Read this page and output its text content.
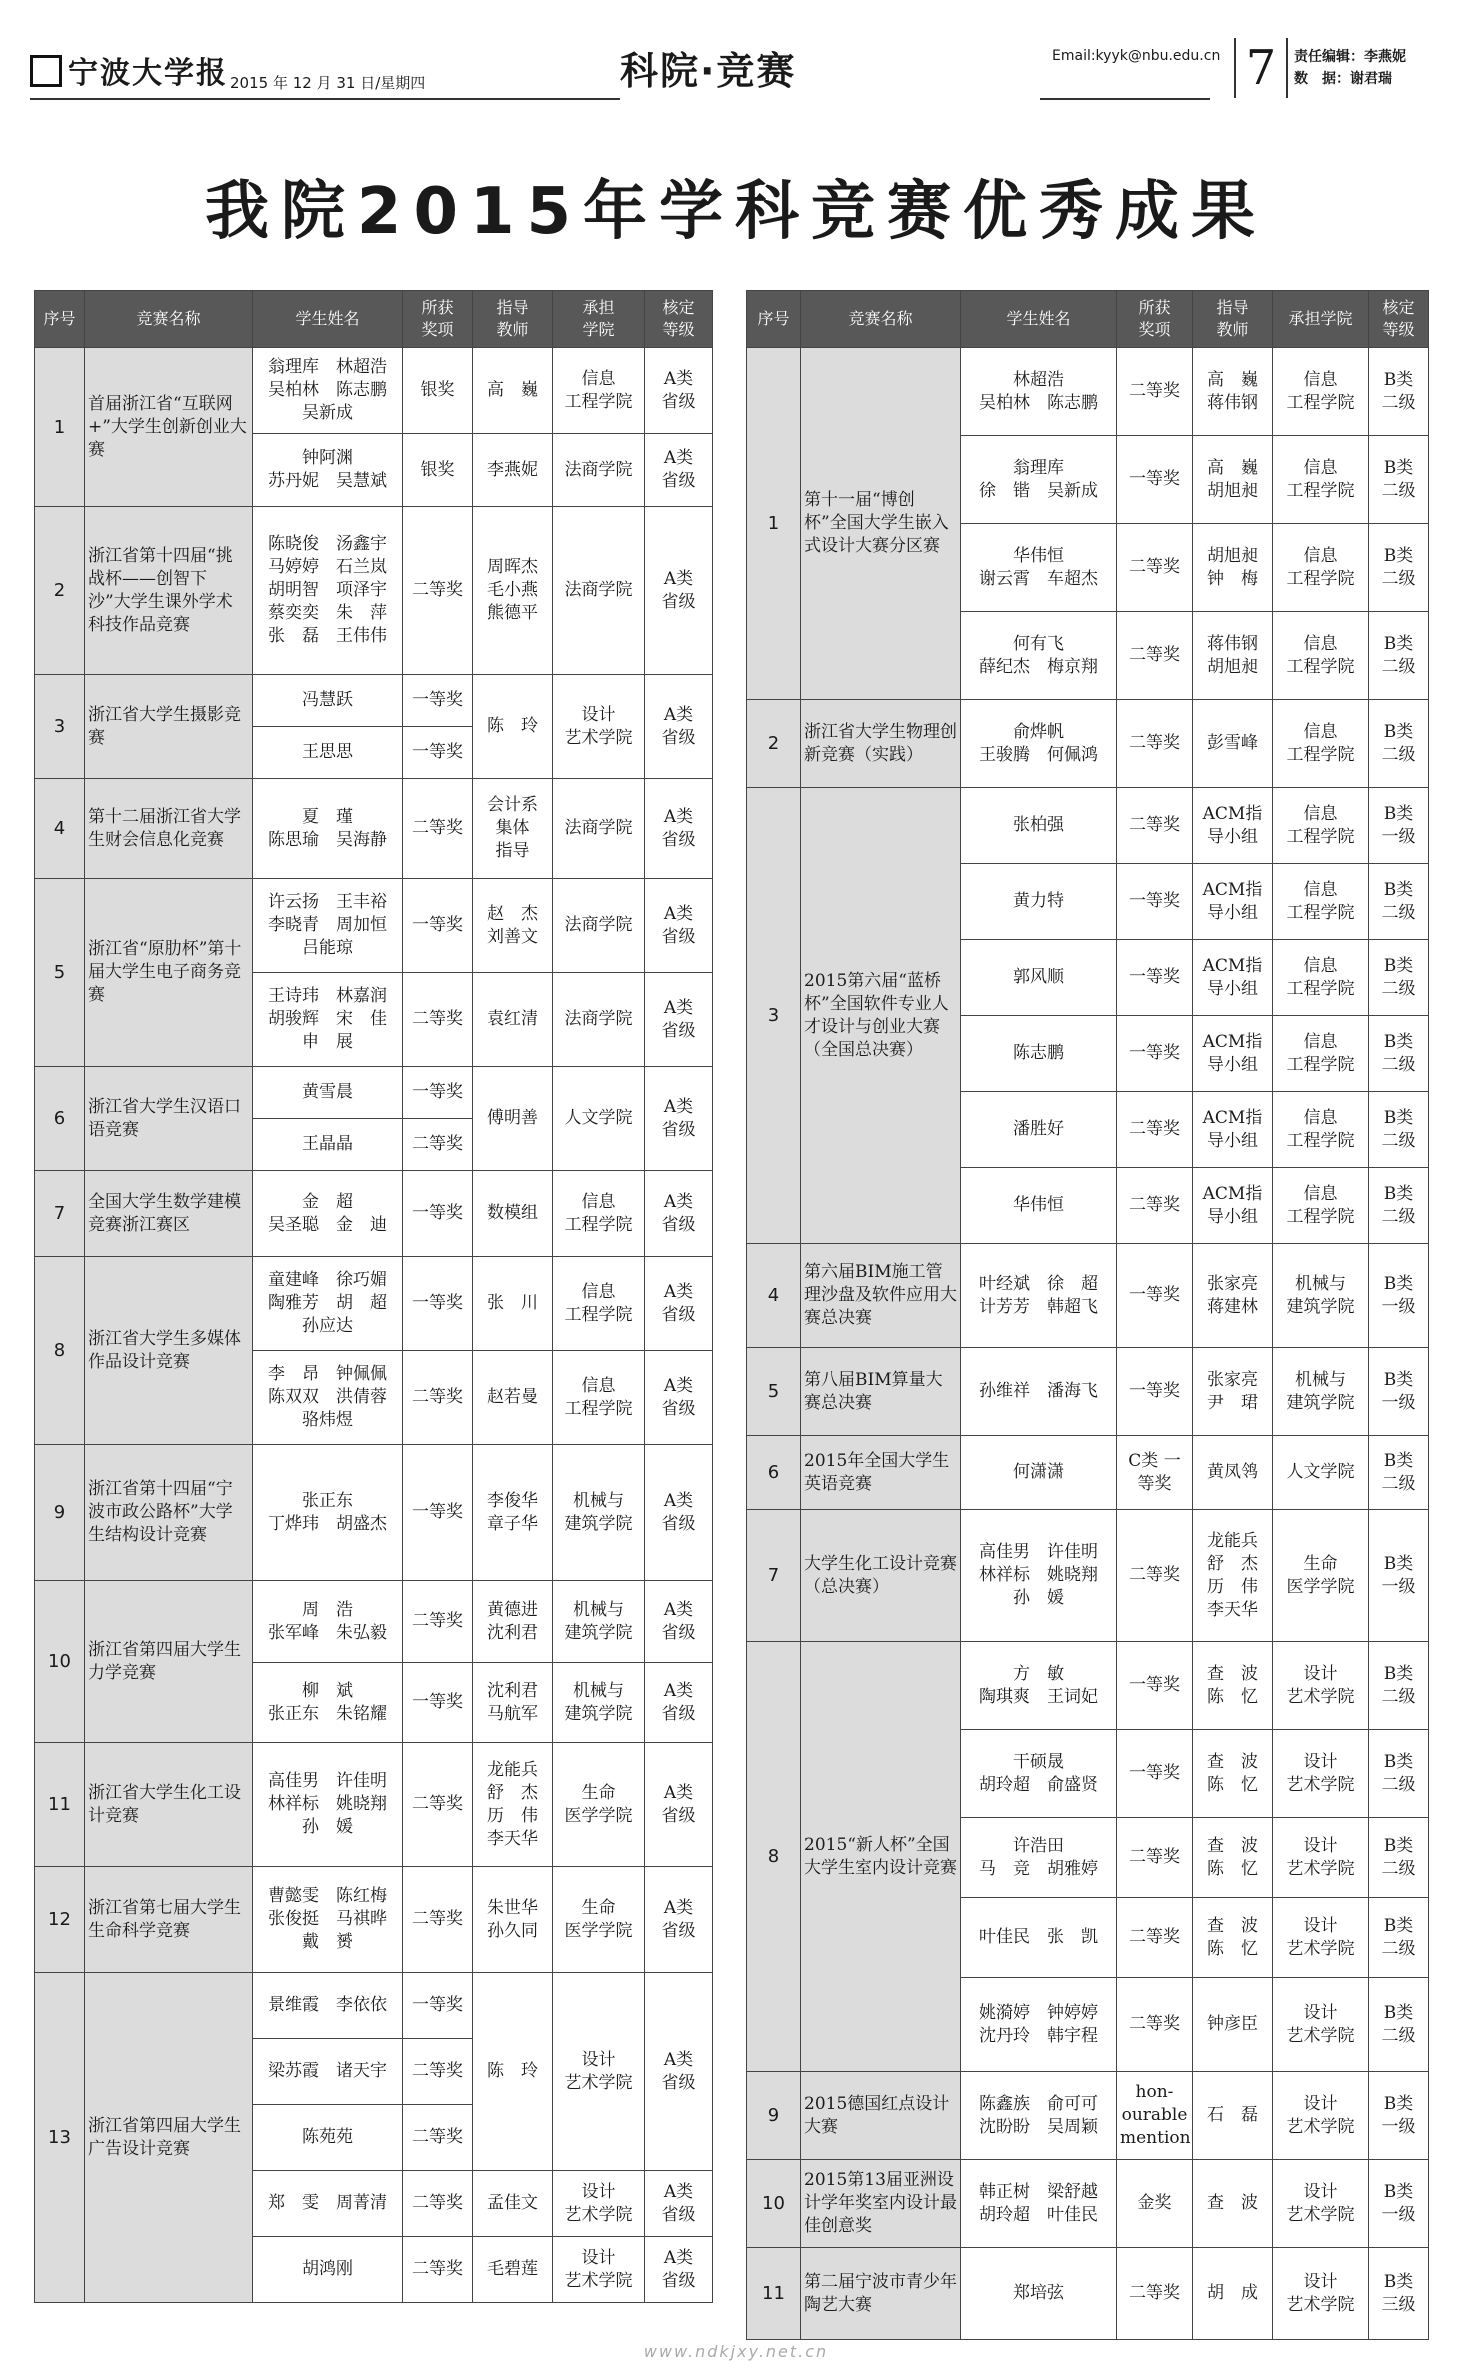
宁波大学报 2015 年 12 月 31 日/星期四	科院·竞赛	Email:kyyk@nbu.edu.cn 7	责任编辑：李燕妮
数　据：谢君瑞
我院2015年学科竞赛优秀成果
序号	竞赛名称	学生姓名	所获
奖项	指导
教师	承担
学院	核定
等级
1	首届浙江省“互联网+”大学生创新创业大赛	翁理库　林超浩
吴柏林　陈志鹏
吴新成	银奖	高　巍	信息
工程学院	A类
省级
		钟阿渊
苏丹妮　吴慧斌	银奖	李燕妮	法商学院	A类
省级
2	浙江省第十四届“挑战杯——创智下沙”大学生课外学术科技作品竞赛	陈晓俊　汤鑫宇
马婷婷　石兰岚
胡明智　项泽宇
蔡奕奕　朱　萍
张　磊　王伟伟	二等奖	周晖杰
毛小燕
熊德平	法商学院	A类
省级
3	浙江省大学生摄影竞赛	冯慧跃	一等奖	陈　玲	设计
艺术学院	A类
省级
		王思思	一等奖			
4	第十二届浙江省大学生财会信息化竞赛	夏　瑾
陈思瑜　吴海静	二等奖	会计系
集体
指导	法商学院	A类
省级
5	浙江省“原肋杯”第十届大学生电子商务竞赛	许云扬　王丰裕
李晓青　周加恒
吕能琼	一等奖	赵　杰
刘善文	法商学院	A类
省级
		王诗玮　林嘉润
胡骏辉　宋　佳
申　展	二等奖	袁红清	法商学院	A类
省级
6	浙江省大学生汉语口语竞赛	黄雪晨	一等奖	傅明善	人文学院	A类
省级
		王晶晶	二等奖			
7	全国大学生数学建模竞赛浙江赛区	金　超
吴圣聪　金　迪	一等奖	数模组	信息
工程学院	A类
省级
8	浙江省大学生多媒体作品设计竞赛	童建峰　徐巧媚
陶雅芳　胡　超
孙应达	一等奖	张　川	信息
工程学院	A类
省级
		李　昂　钟佩佩
陈双双　洪倩蓉
骆炜煜	二等奖	赵若曼	信息
工程学院	A类
省级
9	浙江省第十四届“宁波市政公路杯”大学生结构设计竞赛	张正东
丁烨玮　胡盛杰	一等奖	李俊华
章子华	机械与
建筑学院	A类
省级
10	浙江省第四届大学生力学竞赛	周　浩
张军峰　朱弘毅	二等奖	黄德进
沈利君	机械与
建筑学院	A类
省级
		柳　斌
张正东　朱铭耀	一等奖	沈利君
马航军	机械与
建筑学院	A类
省级
11	浙江省大学生化工设计竞赛	高佳男　许佳明
林祥标　姚晓翔
孙　媛	二等奖	龙能兵
舒　杰
历　伟
李天华	生命
医学学院	A类
省级
12	浙江省第七届大学生生命科学竞赛	曹懿雯　陈红梅
张俊挺　马祺晔
戴　赟	二等奖	朱世华
孙久同	生命
医学学院	A类
省级
13	浙江省第四届大学生广告设计竞赛	景维霞　李依依	一等奖	陈　玲	设计
艺术学院	A类
省级
		梁苏霞　诸天宇	二等奖			
		陈苑苑	二等奖			
		郑　雯　周菁清	二等奖	孟佳文	设计
艺术学院	A类
省级
		胡鸿刚	二等奖	毛碧莲	设计
艺术学院	A类
省级
序号	竞赛名称	学生姓名	所获
奖项	指导
教师	承担学院	核定
等级
1	第十一届“博创杯”全国大学生嵌入式设计大赛分区赛	林超浩
吴柏林　陈志鹏	二等奖	高　巍
蒋伟钢	信息
工程学院	B类
二级
		翁理库
徐　锴　吴新成	一等奖	高　巍
胡旭昶	信息
工程学院	B类
二级
		华伟恒
谢云霄　车超杰	二等奖	胡旭昶
钟　梅	信息
工程学院	B类
二级
		何有飞
薛纪杰　梅京翔	二等奖	蒋伟钢
胡旭昶	信息
工程学院	B类
二级
2	浙江省大学生物理创新竞赛（实践）	俞烨帆
王骏腾　何佩鸿	二等奖	彭雪峰	信息
工程学院	B类
二级
3	2015第六届“蓝桥杯”全国软件专业人才设计与创业大赛（全国总决赛）	张柏强	二等奖	ACM指
导小组	信息
工程学院	B类
一级
		黄力特	一等奖	ACM指
导小组	信息
工程学院	B类
二级
		郭风顺	一等奖	ACM指
导小组	信息
工程学院	B类
二级
		陈志鹏	一等奖	ACM指
导小组	信息
工程学院	B类
二级
		潘胜好	二等奖	ACM指
导小组	信息
工程学院	B类
二级
		华伟恒	二等奖	ACM指
导小组	信息
工程学院	B类
二级
4	第六届BIM施工管理沙盘及软件应用大赛总决赛	叶经斌　徐　超
计芳芳　韩超飞	一等奖	张家亮
蒋建林	机械与
建筑学院	B类
一级
5	第八届BIM算量大赛总决赛	孙维祥　潘海飞	一等奖	张家亮
尹　珺	机械与
建筑学院	B类
一级
6	2015年全国大学生英语竞赛	何潇潇	C类 一等奖	黄凤鸰	人文学院	B类
二级
7	大学生化工设计竞赛（总决赛）	高佳男　许佳明
林祥标　姚晓翔
孙　媛	二等奖	龙能兵
舒　杰
历　伟
李天华	生命
医学学院	B类
一级
8	2015“新人杯”全国大学生室内设计竞赛	方　敏
陶琪爽　王词妃	一等奖	查　波
陈　忆	设计
艺术学院	B类
二级
		干硕晟
胡玲超　俞盛贤	一等奖	查　波
陈　忆	设计
艺术学院	B类
二级
		许浩田
马　竞　胡雅婷	二等奖	查　波
陈　忆	设计
艺术学院	B类
二级
		叶佳民　张　凯	二等奖	查　波
陈　忆	设计
艺术学院	B类
二级
		姚漪婷　钟婷婷
沈丹玲　韩宇程	二等奖	钟彦臣	设计
艺术学院	B类
二级
9	2015德国红点设计大赛	陈鑫族　俞可可
沈盼盼　吴周颖	hon- ourable mention	石　磊	设计
艺术学院	B类
一级
10	2015第13届亚洲设计学年奖室内设计最佳创意奖	韩正树　梁舒越
胡玲超　叶佳民	金奖	查　波	设计
艺术学院	B类
一级
11	第二届宁波市青少年陶艺大赛	郑培弦	二等奖	胡　成	设计
艺术学院	B类
三级
www.ndkjxy.net.cn
